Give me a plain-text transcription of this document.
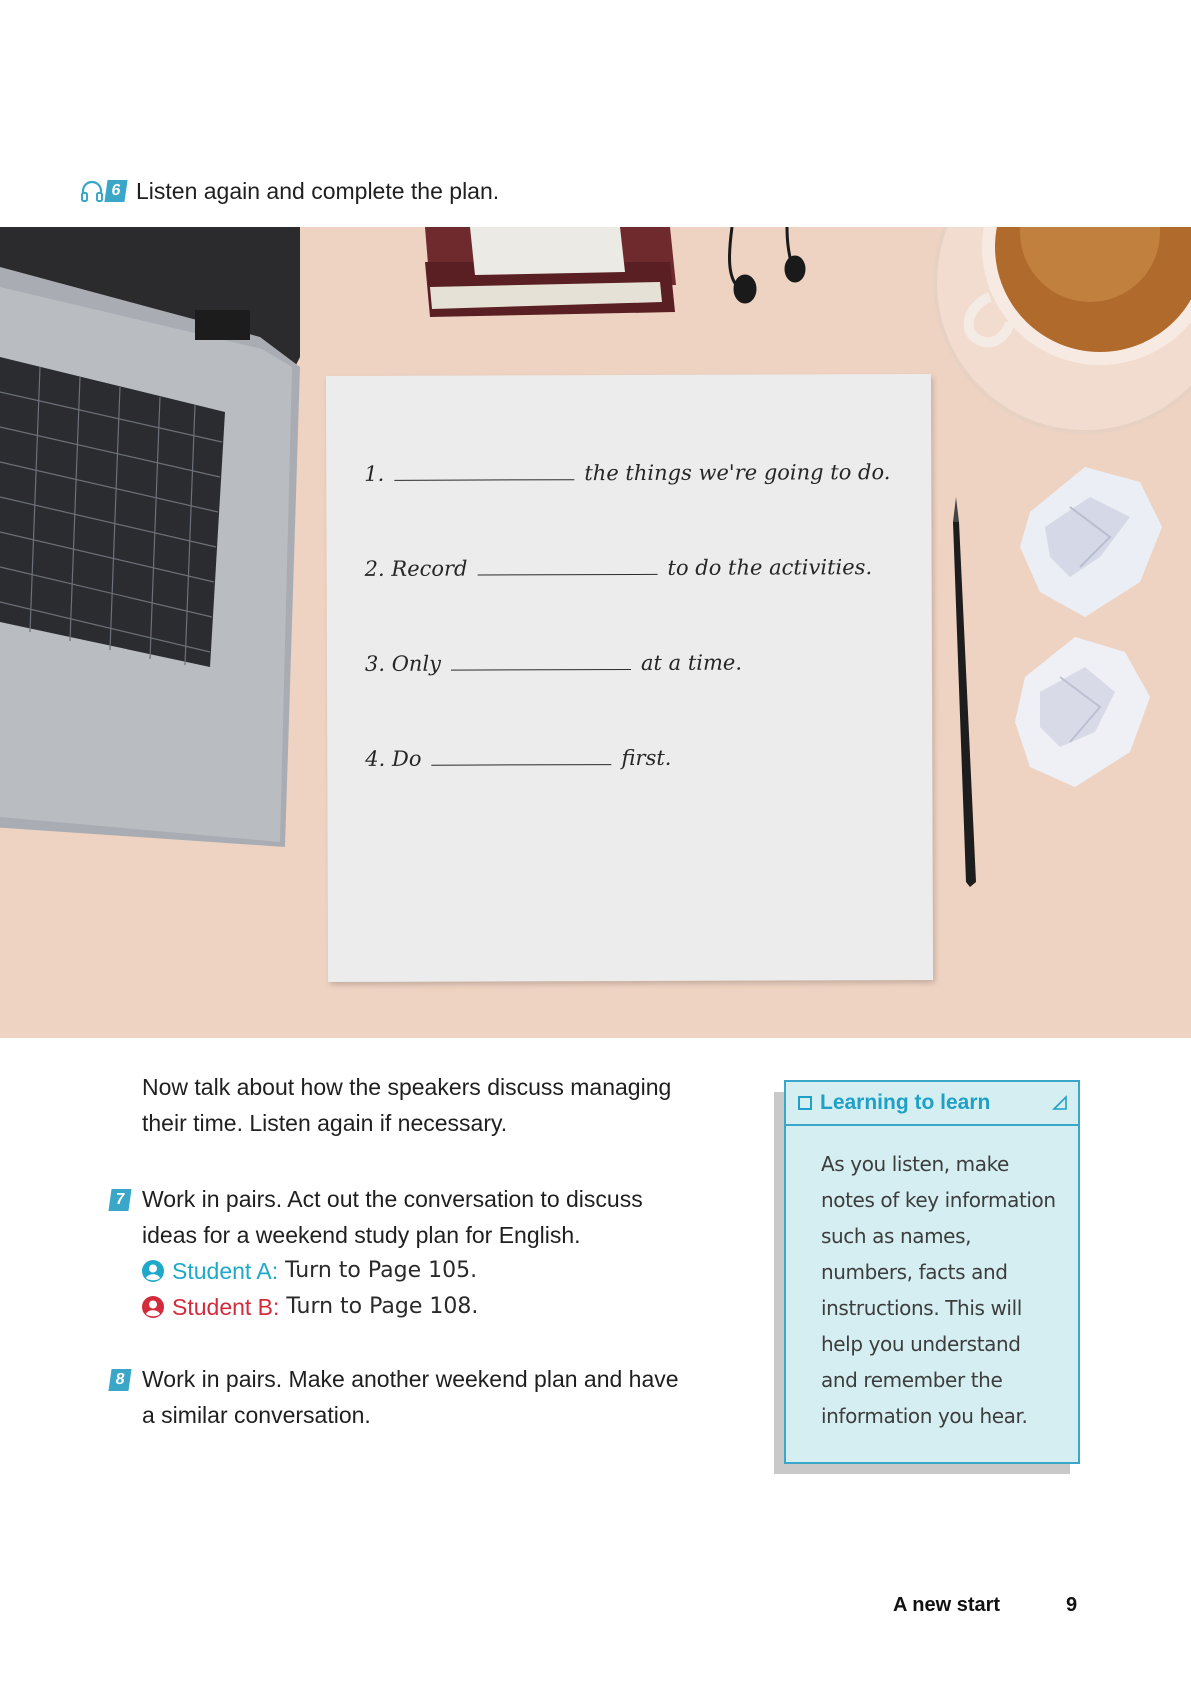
6 Listen again and complete the plan.
1.	the things we're going to do.
2.
Record	to do the activities.
3.
Only	at a time.
4.
Do	first.
Now talk about how the speakers discuss managing
their time. Listen again if necessary.
7 Work in pairs. Act out the conversation to discuss
ideas for a weekend study plan for English.
Student A: Turn to Page 105.
Student B: Turn to Page 108.
8 Work in pairs. Make another weekend plan and have
a similar conversation.
Learning to learn
As you listen, make
notes of key information
such as names,
numbers, facts and
instructions. This will
help you understand
and remember the
information you hear.
A new start	9
